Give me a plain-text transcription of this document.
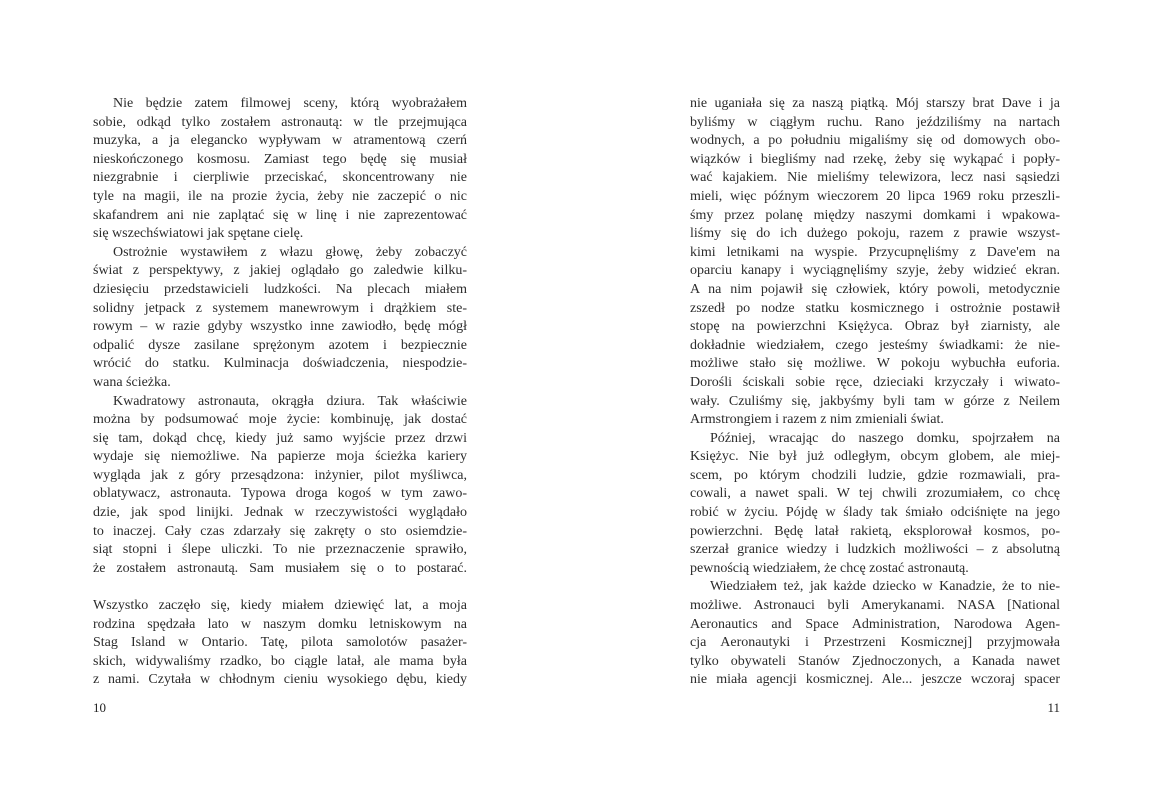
Nie będzie zatem filmowej sceny, którą wyobrażałem
sobie, odkąd tylko zostałem astronautą: w tle przejmująca
muzyka, a ja elegancko wypływam w atramentową czerń
nieskończonego kosmosu. Zamiast tego będę się musiał
niezgrabnie i cierpliwie przeciskać, skoncentrowany nie
tyle na magii, ile na prozie życia, żeby nie zaczepić o nic
skafandrem ani nie zaplątać się w linę i nie zaprezentować
się wszechświatowi jak spętane cielę.
Ostrożnie wystawiłem z włazu głowę, żeby zobaczyć
świat z perspektywy, z jakiej oglądało go zaledwie kilku-
dziesięciu przedstawicieli ludzkości. Na plecach miałem
solidny jetpack z systemem manewrowym i drążkiem ste-
rowym – w razie gdyby wszystko inne zawiodło, będę mógł
odpalić dysze zasilane sprężonym azotem i bezpiecznie
wrócić do statku. Kulminacja doświadczenia, niespodzie-
wana ścieżka.
Kwadratowy astronauta, okrągła dziura. Tak właściwie
można by podsumować moje życie: kombinuję, jak dostać
się tam, dokąd chcę, kiedy już samo wyjście przez drzwi
wydaje się niemożliwe. Na papierze moja ścieżka kariery
wygląda jak z góry przesądzona: inżynier, pilot myśliwca,
oblatywacz, astronauta. Typowa droga kogoś w tym zawo-
dzie, jak spod linijki. Jednak w rzeczywistości wyglądało
to inaczej. Cały czas zdarzały się zakręty o sto osiemdzie-
siąt stopni i ślepe uliczki. To nie przeznaczenie sprawiło,
że zostałem astronautą. Sam musiałem się o to postarać.
Wszystko zaczęło się, kiedy miałem dziewięć lat, a moja
rodzina spędzała lato w naszym domku letniskowym na
Stag Island w Ontario. Tatę, pilota samolotów pasażer-
skich, widywaliśmy rzadko, bo ciągle latał, ale mama była
z nami. Czytała w chłodnym cieniu wysokiego dębu, kiedy
10
nie uganiała się za naszą piątką. Mój starszy brat Dave i ja
byliśmy w ciągłym ruchu. Rano jeździliśmy na nartach
wodnych, a po południu migaliśmy się od domowych obo-
wiązków i biegliśmy nad rzekę, żeby się wykąpać i popły-
wać kajakiem. Nie mieliśmy telewizora, lecz nasi sąsiedzi
mieli, więc późnym wieczorem 20 lipca 1969 roku przeszli-
śmy przez polanę między naszymi domkami i wpakowa-
liśmy się do ich dużego pokoju, razem z prawie wszyst-
kimi letnikami na wyspie. Przycupnęliśmy z Dave'em na
oparciu kanapy i wyciągnęliśmy szyje, żeby widzieć ekran.
A na nim pojawił się człowiek, który powoli, metodycznie
zszedł po nodze statku kosmicznego i ostrożnie postawił
stopę na powierzchni Księżyca. Obraz był ziarnisty, ale
dokładnie wiedziałem, czego jesteśmy świadkami: że nie-
możliwe stało się możliwe. W pokoju wybuchła euforia.
Dorośli ściskali sobie ręce, dzieciaki krzyczały i wiwato-
wały. Czuliśmy się, jakbyśmy byli tam w górze z Neilem
Armstrongiem i razem z nim zmieniali świat.
Później, wracając do naszego domku, spojrzałem na
Księżyc. Nie był już odległym, obcym globem, ale miej-
scem, po którym chodzili ludzie, gdzie rozmawiali, pra-
cowali, a nawet spali. W tej chwili zrozumiałem, co chcę
robić w życiu. Pójdę w ślady tak śmiało odciśnięte na jego
powierzchni. Będę latał rakietą, eksplorował kosmos, po-
szerzał granice wiedzy i ludzkich możliwości – z absolutną
pewnością wiedziałem, że chcę zostać astronautą.
Wiedziałem też, jak każde dziecko w Kanadzie, że to nie-
możliwe. Astronauci byli Amerykanami. NASA [National
Aeronautics and Space Administration, Narodowa Agen-
cja Aeronautyki i Przestrzeni Kosmicznej] przyjmowała
tylko obywateli Stanów Zjednoczonych, a Kanada nawet
nie miała agencji kosmicznej. Ale... jeszcze wczoraj spacer
11
